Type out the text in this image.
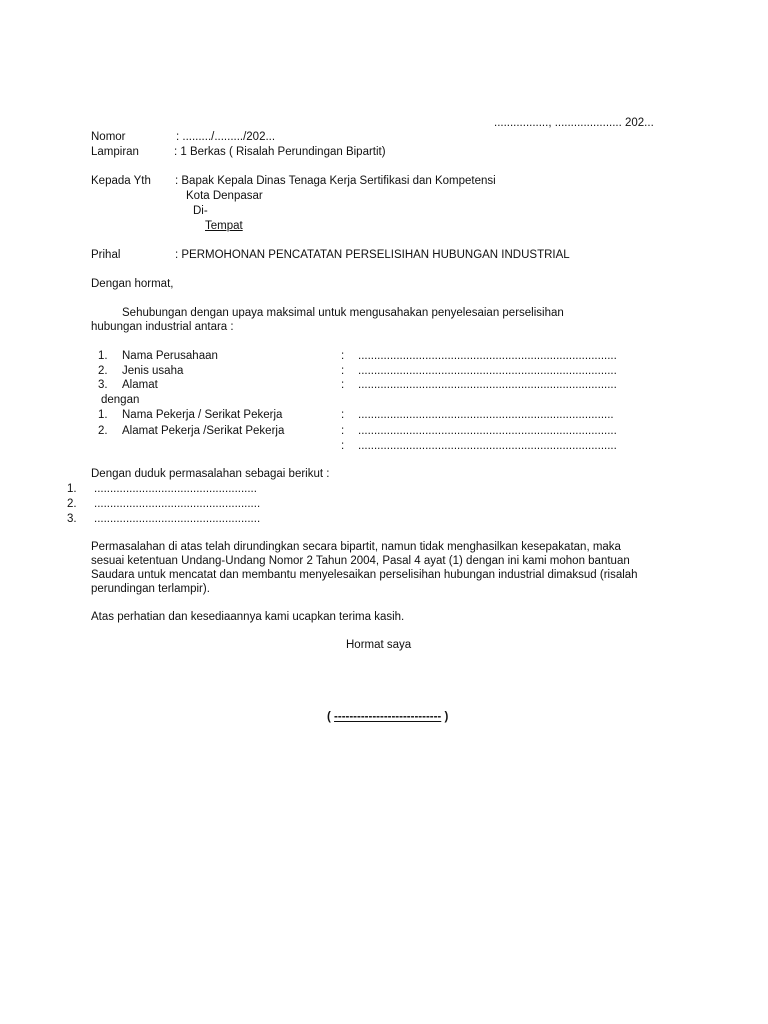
................., ..................... 202...
Nomor	: ........./........./202...
Lampiran	: 1 Berkas ( Risalah Perundingan Bipartit)
Kepada Yth : Bapak Kepala Dinas Tenaga Kerja Sertifikasi dan Kompetensi
Kota Denpasar
Di-
Tempat
Prihal	: PERMOHONAN PENCATATAN PERSELISIHAN HUBUNGAN INDUSTRIAL
Dengan hormat,
Sehubungan dengan upaya maksimal untuk mengusahakan penyelesaian perselisihan
hubungan industrial antara :
1. Nama Perusahaan	: .................................................................................
2. Jenis usaha	: .................................................................................
3. Alamat	: .................................................................................
dengan
1. Nama Pekerja / Serikat Pekerja	: ................................................................................
2. Alamat Pekerja /Serikat Pekerja	: .................................................................................
: .................................................................................
Dengan duduk permasalahan sebagai berikut :
1. ...................................................
2. ....................................................
3. ....................................................
Permasalahan di atas telah dirundingkan secara bipartit, namun tidak menghasilkan kesepakatan, maka
sesuai ketentuan Undang-Undang Nomor 2 Tahun 2004, Pasal 4 ayat (1) dengan ini kami mohon bantuan
Saudara untuk mencatat dan membantu menyelesaikan perselisihan hubungan industrial dimaksud (risalah
perundingan terlampir).
Atas perhatian dan kesediaannya kami ucapkan terima kasih.
Hormat saya
( ---------------------------- )
